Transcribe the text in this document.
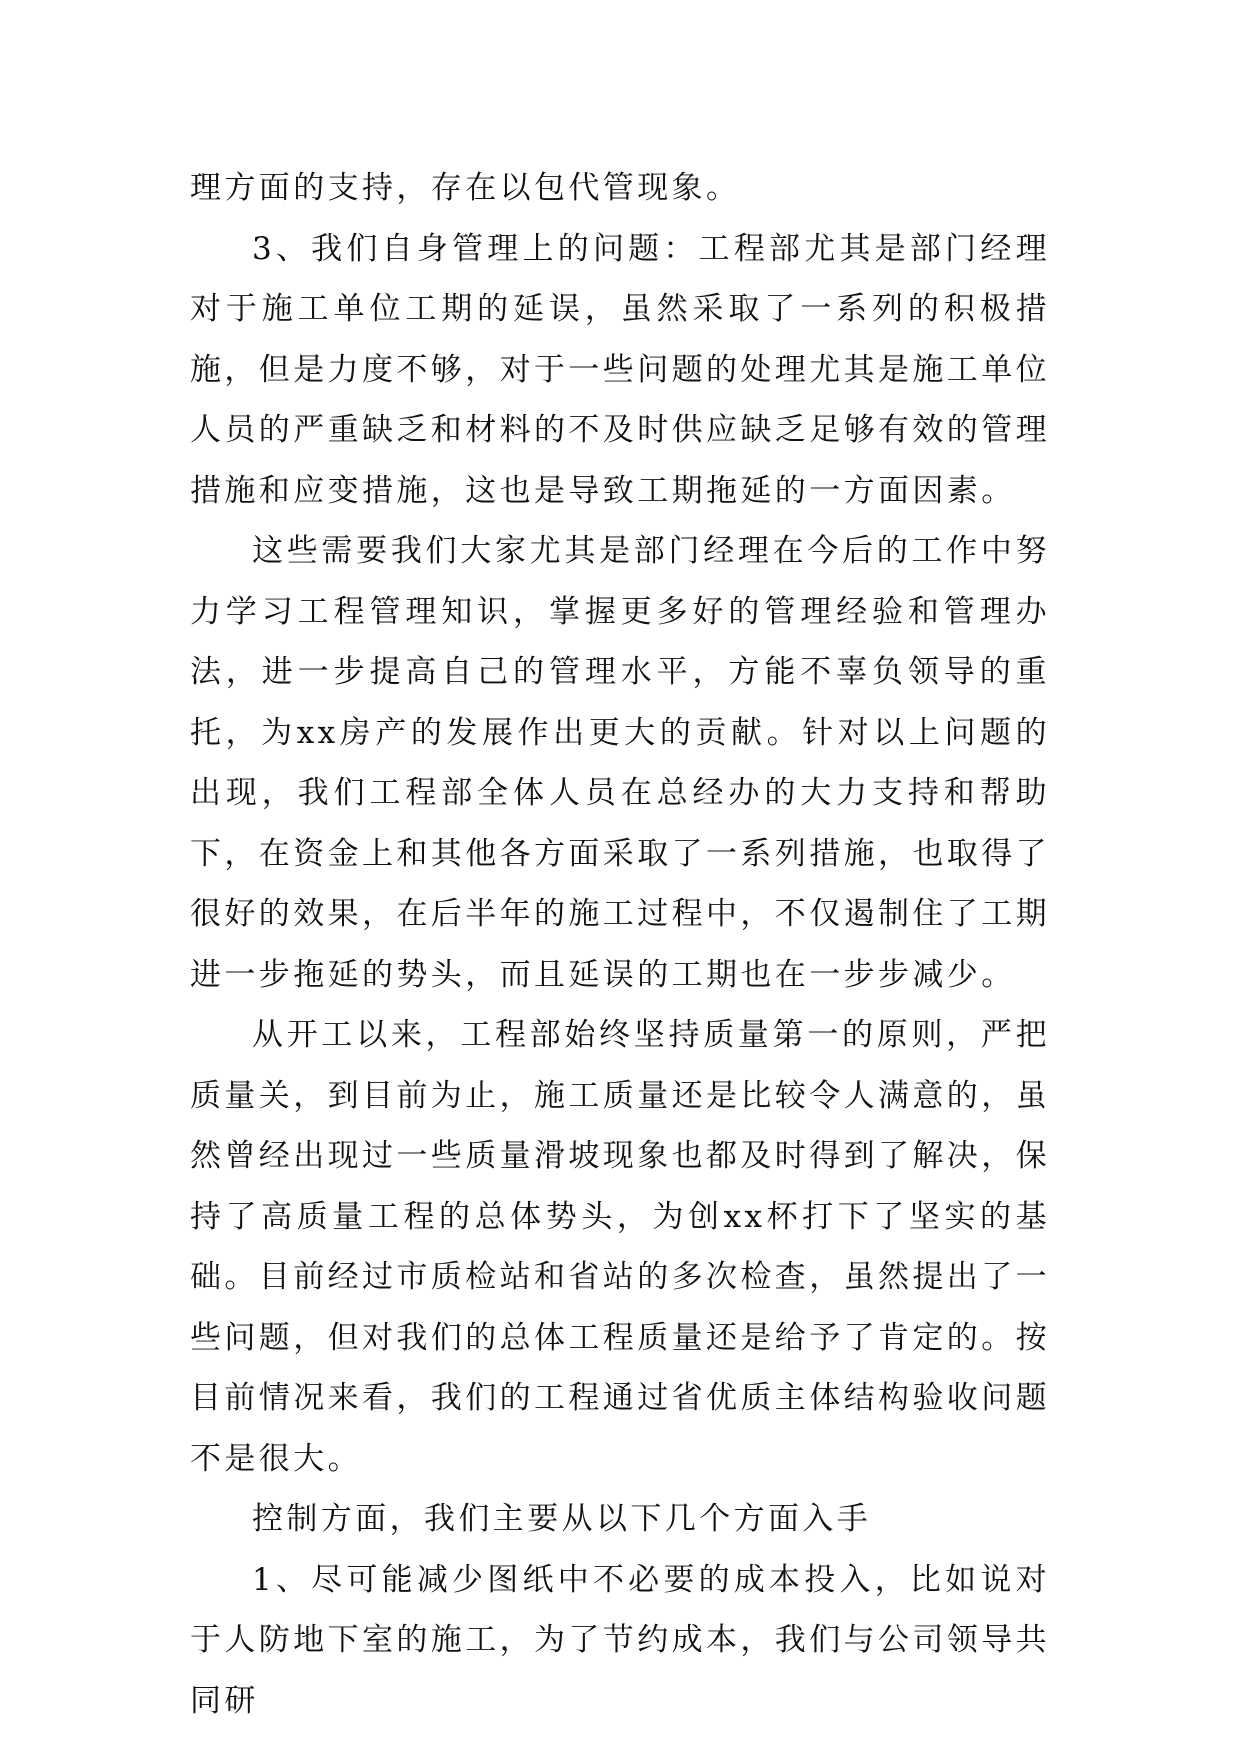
理方面的支持，存在以包代管现象。

3、我们自身管理上的问题：工程部尤其是部门经理对于施工单位工期的延误，虽然采取了一系列的积极措施，但是力度不够，对于一些问题的处理尤其是施工单位人员的严重缺乏和材料的不及时供应缺乏足够有效的管理措施和应变措施，这也是导致工期拖延的一方面因素。

这些需要我们大家尤其是部门经理在今后的工作中努力学习工程管理知识，掌握更多好的管理经验和管理办法，进一步提高自己的管理水平，方能不辜负领导的重托，为xx房产的发展作出更大的贡献。针对以上问题的出现，我们工程部全体人员在总经办的大力支持和帮助下，在资金上和其他各方面采取了一系列措施，也取得了很好的效果，在后半年的施工过程中，不仅遏制住了工期进一步拖延的势头，而且延误的工期也在一步步减少。

从开工以来，工程部始终坚持质量第一的原则，严把质量关，到目前为止，施工质量还是比较令人满意的，虽然曾经出现过一些质量滑坡现象也都及时得到了解决，保持了高质量工程的总体势头，为创xx杯打下了坚实的基础。目前经过市质检站和省站的多次检查，虽然提出了一些问题，但对我们的总体工程质量还是给予了肯定的。按目前情况来看，我们的工程通过省优质主体结构验收问题不是很大。

控制方面，我们主要从以下几个方面入手

1、尽可能减少图纸中不必要的成本投入，比如说对于人防地下室的施工，为了节约成本，我们与公司领导共同研
